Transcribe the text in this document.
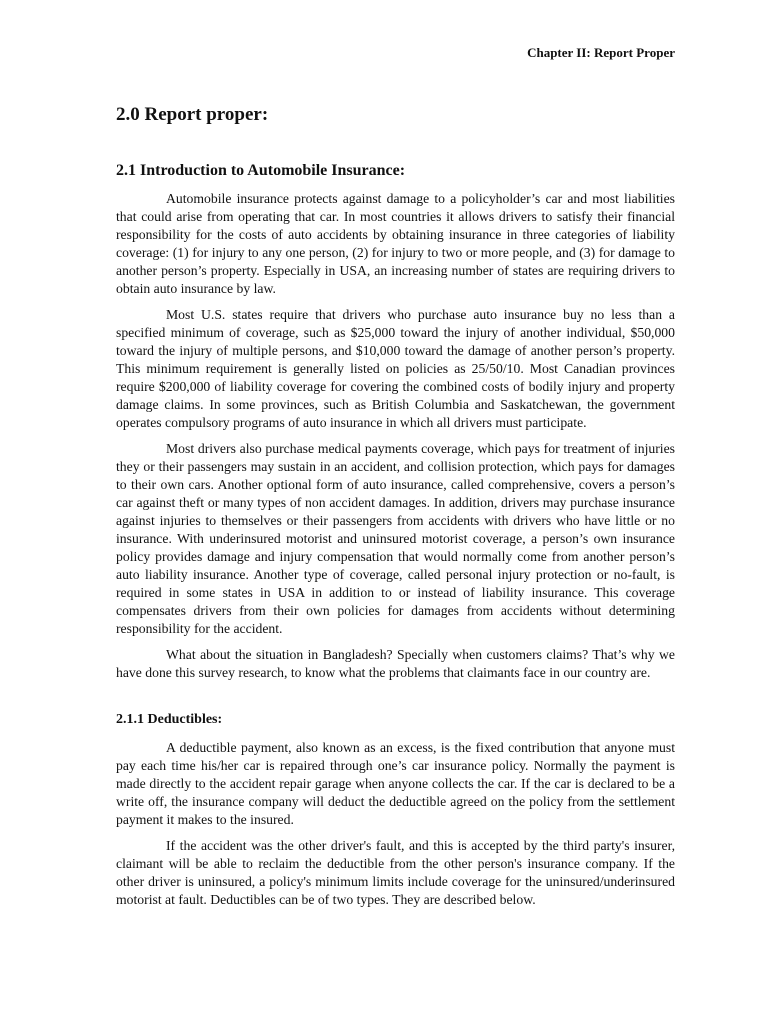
Chapter II: Report Proper
2.0 Report proper:
2.1 Introduction to Automobile Insurance:

Automobile insurance protects against damage to a policyholder’s car and most liabilities that could arise from operating that car. In most countries it allows drivers to satisfy their financial responsibility for the costs of auto accidents by obtaining insurance in three categories of liability coverage: (1) for injury to any one person, (2) for injury to two or more people, and (3) for damage to another person’s property. Especially in USA, an increasing number of states are requiring drivers to obtain auto insurance by law.

Most U.S. states require that drivers who purchase auto insurance buy no less than a specified minimum of coverage, such as $25,000 toward the injury of another individual, $50,000 toward the injury of multiple persons, and $10,000 toward the damage of another person’s property. This minimum requirement is generally listed on policies as 25/50/10. Most Canadian provinces require $200,000 of liability coverage for covering the combined costs of bodily injury and property damage claims. In some provinces, such as British Columbia and Saskatchewan, the government operates compulsory programs of auto insurance in which all drivers must participate.

Most drivers also purchase medical payments coverage, which pays for treatment of injuries they or their passengers may sustain in an accident, and collision protection, which pays for damages to their own cars. Another optional form of auto insurance, called comprehensive, covers a person’s car against theft or many types of non accident damages. In addition, drivers may purchase insurance against injuries to themselves or their passengers from accidents with drivers who have little or no insurance. With underinsured motorist and uninsured motorist coverage, a person’s own insurance policy provides damage and injury compensation that would normally come from another person’s auto liability insurance. Another type of coverage, called personal injury protection or no-fault, is required in some states in USA in addition to or instead of liability insurance. This coverage compensates drivers from their own policies for damages from accidents without determining responsibility for the accident.

What about the situation in Bangladesh? Specially when customers claims? That’s why we have done this survey research, to know what the problems that claimants face in our country are.

2.1.1 Deductibles:

A deductible payment, also known as an excess, is the fixed contribution that anyone must pay each time his/her car is repaired through one’s car insurance policy. Normally the payment is made directly to the accident repair garage when anyone collects the car. If the car is declared to be a write off, the insurance company will deduct the deductible agreed on the policy from the settlement payment it makes to the insured.

If the accident was the other driver's fault, and this is accepted by the third party's insurer, claimant will be able to reclaim the deductible from the other person's insurance company. If the other driver is uninsured, a policy's minimum limits include coverage for the uninsured/underinsured motorist at fault. Deductibles can be of two types. They are described below.
